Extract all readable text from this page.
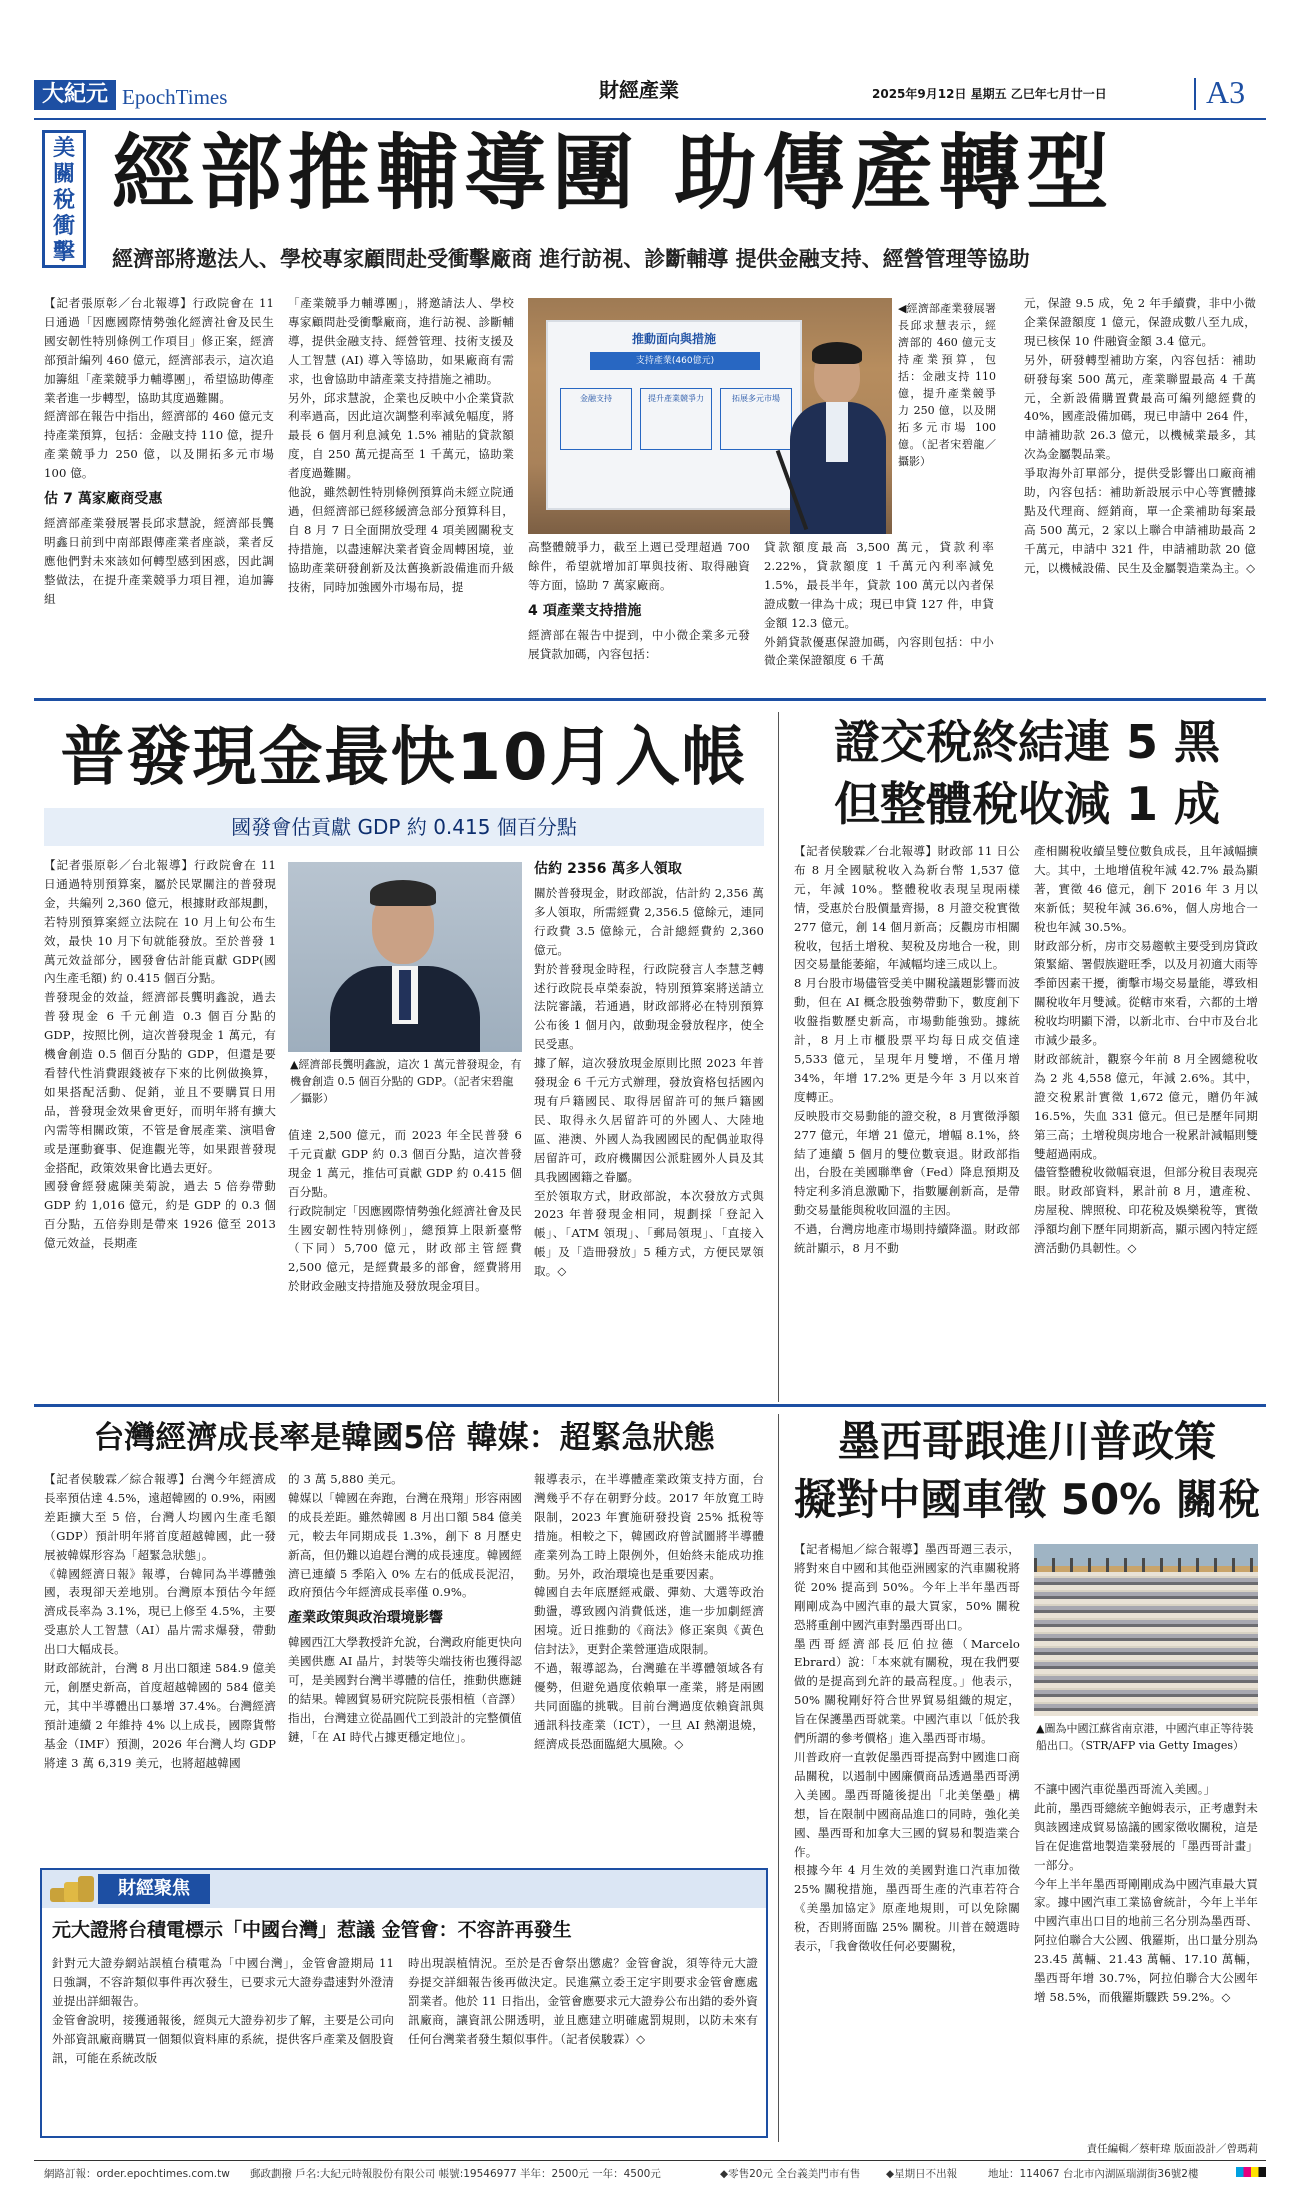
大紀元 EpochTimes	財經產業	2025年9月12日 星期五 乙巳年七月廿一日	A3
美關稅衝擊
經部推輔導團 助傳產轉型
經濟部將邀法人、學校專家顧問赴受衝擊廠商 進行訪視、診斷輔導 提供金融支持、經營管理等協助

【記者張原彰／台北報導】行政院會在 11 日通過「因應國際情勢強化經濟社會及民生國安韌性特別條例工作項目」修正案，經濟部預計編列 460 億元，經濟部表示，這次追加籌組「產業競爭力輔導團」，希望協助傳產業者進一步轉型，協助其度過難關。

經濟部在報告中指出，經濟部的 460 億元支持產業預算，包括：金融支持 110 億，提升產業競爭力 250 億，以及開拓多元市場 100 億。

估 7 萬家廠商受惠

經濟部產業發展署長邱求慧說，經濟部長龔明鑫日前到中南部跟傳產業者座談，業者反應他們對未來該如何轉型感到困惑，因此調整做法，在提升產業競爭力項目裡，追加籌組

「產業競爭力輔導團」，將邀請法人、學校專家顧問赴受衝擊廠商，進行訪視、診斷輔導，提供金融支持、經營管理、技術支援及人工智慧 (AI) 導入等協助，如果廠商有需求，也會協助申請產業支持措施之補助。

另外，邱求慧說，企業也反映中小企業貸款利率過高，因此這次調整利率減免幅度，將最長 6 個月利息減免 1.5% 補貼的貸款額度，自 250 萬元提高至 1 千萬元，協助業者度過難關。

他說，雖然韌性特別條例預算尚未經立院通過，但經濟部已經移緩濟急部分預算科目，自 8 月 7 日全面開放受理 4 項美國關稅支持措施，以盡速解決業者資金周轉困境，並協助產業研發創新及汰舊換新設備進而升級技術，同時加強國外市場布局，提

推動面向與措施
支持產業(460億元)
金融支持	提升產業競爭力	拓展多元市場
◀經濟部產業發展署長邱求慧表示，經濟部的 460 億元支持產業預算，包括：金融支持 110 億，提升產業競爭力 250 億，以及開拓多元市場 100 億。（記者宋碧龍／攝影）

高整體競爭力，截至上週已受理超過 700 餘件，希望就增加訂單與技術、取得融資等方面，協助 7 萬家廠商。

4 項產業支持措施

經濟部在報告中提到，中小微企業多元發展貸款加碼，內容包括：

貸款額度最高 3,500 萬元，貸款利率 2.22%，貸款額度 1 千萬元內利率減免 1.5%，最長半年，貸款 100 萬元以內者保證成數一律為十成；現已申貸 127 件，申貸金額 12.3 億元。

外銷貸款優惠保證加碼，內容則包括：中小微企業保證額度 6 千萬

元，保證 9.5 成，免 2 年手續費，非中小微企業保證額度 1 億元，保證成數八至九成，現已核保 10 件融資金額 3.4 億元。

另外，研發轉型補助方案，內容包括：補助研發每案 500 萬元，產業聯盟最高 4 千萬元，全新設備購置費最高可編列總經費的 40%，國產設備加碼，現已申請中 264 件，申請補助款 26.3 億元，以機械業最多，其次為金屬製品業。

爭取海外訂單部分，提供受影響出口廠商補助，內容包括：補助新設展示中心等實體據點及代理商、經銷商，單一企業補助每案最高 500 萬元，2 家以上聯合申請補助最高 2 千萬元，申請中 321 件，申請補助款 20 億元，以機械設備、民生及金屬製造業為主。◇

普發現金最快10月入帳
國發會估貢獻 GDP 約 0.415 個百分點

【記者張原彰／台北報導】行政院會在 11 日通過特別預算案，屬於民眾關注的普發現金，共編列 2,360 億元，根據財政部規劃，若特別預算案經立法院在 10 月上旬公布生效，最快 10 月下旬就能發放。至於普發 1 萬元效益部分，國發會估計能貢獻 GDP(國內生產毛額) 約 0.415 個百分點。

普發現金的效益，經濟部長龔明鑫說，過去普發現金 6 千元創造 0.3 個百分點的 GDP，按照比例，這次普發現金 1 萬元，有機會創造 0.5 個百分點的 GDP，但還是要看替代性消費跟錢被存下來的比例做換算，如果搭配活動、促銷，並且不要購買日用品，普發現金效果會更好，而明年將有擴大內需等相關政策，不管是會展產業、演唱會或是運動賽事、促進觀光等，如果跟普發現金搭配，政策效果會比過去更好。

國發會經發處陳美菊說，過去 5 倍券帶動 GDP 約 1,016 億元，約是 GDP 的 0.3 個百分點，五倍券則是帶來 1926 億至 2013 億元效益，長期產

▲經濟部長龔明鑫說，這次 1 萬元普發現金，有機會創造 0.5 個百分點的 GDP。（記者宋碧龍／攝影）

值達 2,500 億元，而 2023 年全民普發 6 千元貢獻 GDP 約 0.3 個百分點，這次普發現金 1 萬元，推估可貢獻 GDP 約 0.415 個百分點。

行政院制定「因應國際情勢強化經濟社會及民生國安韌性特別條例」，總預算上限新臺幣（下同）5,700 億元，財政部主管經費 2,500 億元，是經費最多的部會，經費將用於財政金融支持措施及發放現金項目。

估約 2356 萬多人領取

關於普發現金，財政部說，估計約 2,356 萬多人領取，所需經費 2,356.5 億餘元，連同行政費 3.5 億餘元，合計總經費約 2,360 億元。

對於普發現金時程，行政院發言人李慧芝轉述行政院長卓榮泰說，特別預算案將送請立法院審議，若通過，財政部將必在特別預算公布後 1 個月內，啟動現金發放程序，使全民受惠。

據了解，這次發放現金原則比照 2023 年普發現金 6 千元方式辦理，發放資格包括國內現有戶籍國民、取得居留許可的無戶籍國民、取得永久居留許可的外國人、大陸地區、港澳、外國人為我國國民的配偶並取得居留許可，政府機關因公派駐國外人員及其具我國國籍之眷屬。

至於領取方式，財政部說，本次發放方式與 2023 年普發現金相同，規劃採「登記入帳」、「ATM 領現」、「郵局領現」、「直接入帳」及「造冊發放」5 種方式，方便民眾領取。◇

證交稅終結連 5 黑
但整體稅收減 1 成

【記者侯駿霖／台北報導】財政部 11 日公布 8 月全國賦稅收入為新台幣 1,537 億元，年減 10%。整體稅收表現呈現兩樣情，受惠於台股價量齊揚，8 月證交稅實徵 277 億元，創 14 個月新高；反觀房市相關稅收，包括土增稅、契稅及房地合一稅，則因交易量能萎縮，年減幅均達三成以上。

8 月台股市場儘管受美中關稅議題影響而波動，但在 AI 概念股強勢帶動下，數度創下收盤指數歷史新高，市場動能強勁。據統計，8 月上市櫃股票平均每日成交值達 5,533 億元，呈現年月雙增，不僅月增 34%，年增 17.2% 更是今年 3 月以來首度轉正。

反映股市交易動能的證交稅，8 月實徵淨額 277 億元，年增 21 億元，增幅 8.1%，終結了連續 5 個月的雙位數衰退。財政部指出，台股在美國聯準會（Fed）降息預期及特定利多消息激勵下，指數屢創新高，是帶動交易量能與稅收回溫的主因。

不過，台灣房地產市場則持續降溫。財政部統計顯示，8 月不動

產相關稅收續呈雙位數負成長，且年減幅擴大。其中，土地增值稅年減 42.7% 最為顯著，實徵 46 億元，創下 2016 年 3 月以來新低；契稅年減 36.6%，個人房地合一稅也年減 30.5%。

財政部分析，房市交易趨軟主要受到房貸政策緊縮、署假族避旺季，以及月初適大雨等季節因素干擾，衝擊市場交易量能，導致相關稅收年月雙減。從轄市來看，六都的土增稅收均明顯下滑，以新北市、台中市及台北市減少最多。

財政部統計，觀察今年前 8 月全國總稅收為 2 兆 4,558 億元，年減 2.6%。其中，證交稅累計實徵 1,672 億元，贈仍年減 16.5%，失血 331 億元。但已是歷年同期第三高；土增稅與房地合一稅累計減幅則雙雙超過兩成。

儘管整體稅收微幅衰退，但部分稅目表現亮眼。財政部資料，累計前 8 月，遺產稅、房屋稅、牌照稅、印花稅及娛樂稅等，實徵淨額均創下歷年同期新高，顯示國內特定經濟活動仍具韌性。◇

台灣經濟成長率是韓國5倍 韓媒：超緊急狀態

【記者侯駿霖／綜合報導】台灣今年經濟成長率預估達 4.5%，遠超韓國的 0.9%，兩國差距擴大至 5 倍，台灣人均國內生產毛額（GDP）預計明年將首度超越韓國，此一發展被韓媒形容為「超緊急狀態」。

《韓國經濟日報》報導，台韓同為半導體強國，表現卻天差地別。台灣原本預估今年經濟成長率為 3.1%，現已上修至 4.5%，主要受惠於人工智慧（AI）晶片需求爆發，帶動出口大幅成長。

財政部統計，台灣 8 月出口額達 584.9 億美元，創歷史新高，首度超越韓國的 584 億美元，其中半導體出口暴增 37.4%。台灣經濟預計連續 2 年維持 4% 以上成長，國際貨幣基金（IMF）預測，2026 年台灣人均 GDP 將達 3 萬 6,319 美元，也將超越韓國

的 3 萬 5,880 美元。

韓媒以「韓國在奔跑，台灣在飛翔」形容兩國的成長差距。雖然韓國 8 月出口額 584 億美元，較去年同期成長 1.3%，創下 8 月歷史新高，但仍難以追趕台灣的成長速度。韓國經濟已連續 5 季陷入 0% 左右的低成長泥沼，政府預估今年經濟成長率僅 0.9%。

產業政策與政治環境影響

韓國西江大學教授許允說，台灣政府能更快向美國供應 AI 晶片，封裝等尖端技術也獲得認可，是美國對台灣半導體的信任，推動供應鏈的結果。韓國貿易研究院院長張相植（音譯）指出，台灣建立從晶圓代工到設計的完整價值鏈，「在 AI 時代占據更穩定地位」。

報導表示，在半導體產業政策支持方面，台灣幾乎不存在朝野分歧。2017 年放寬工時限制，2023 年實施研發投資 25% 抵稅等措施。相較之下，韓國政府曾試圖將半導體產業列為工時上限例外，但始終未能成功推動。另外，政治環境也是重要因素。

韓國自去年底歷經戒嚴、彈劾、大選等政治動盪，導致國內消費低迷，進一步加劇經濟困境。近日推動的《商法》修正案與《黃色信封法》，更對企業營運造成限制。

不過，報導認為，台灣雖在半導體領域各有優勢，但避免過度依賴單一產業，將是兩國共同面臨的挑戰。目前台灣過度依賴資訊與通訊科技產業（ICT），一旦 AI 熱潮退燒，經濟成長恐面臨絕大風險。◇

財經聚焦
元大證將台積電標示「中國台灣」惹議 金管會：不容許再發生

針對元大證券網站誤植台積電為「中國台灣」，金管會證期局 11 日強調，不容許類似事件再次發生，已要求元大證券盡速對外澄清並提出詳細報告。

金管會說明，接獲通報後，經與元大證券初步了解，主要是公司向外部資訊廠商購買一個類似資料庫的系統，提供客戶產業及個股資訊，可能在系統改版

時出現誤植情況。至於是否會祭出懲處？金管會說，須等待元大證券提交詳細報告後再做決定。民進黨立委王定宇則要求金管會應處罰業者。他於 11 日指出，金管會應要求元大證券公布出錯的委外資訊廠商，讓資訊公開透明，並且應建立明確處罰規則，以防未來有任何台灣業者發生類似事件。（記者侯駿霖）◇

墨西哥跟進川普政策
擬對中國車徵 50% 關稅

【記者楊旭／綜合報導】墨西哥週三表示，將對來自中國和其他亞洲國家的汽車關稅將從 20% 提高到 50%。今年上半年墨西哥剛剛成為中國汽車的最大買家，50% 關稅恐將重創中國汽車對墨西哥出口。

墨西哥經濟部長厄伯拉德（Marcelo Ebrard）說：「本來就有關稅，現在我們要做的是提高到允許的最高程度。」他表示，50% 關稅剛好符合世界貿易組織的規定，旨在保護墨西哥就業。中國汽車以「低於我們所謂的參考價格」進入墨西哥市場。

川普政府一直敦促墨西哥提高對中國進口商品關稅，以遏制中國廉價商品透過墨西哥湧入美國。墨西哥隨後提出「北美堡壘」構想，旨在限制中國商品進口的同時，強化美國、墨西哥和加拿大三國的貿易和製造業合作。

根據今年 4 月生效的美國對進口汽車加徵 25% 關稅措施，墨西哥生產的汽車若符合《美墨加協定》原產地規則，可以免除關稅，否則將面臨 25% 關稅。川普在競選時表示，「我會徵收任何必要關稅，

▲圖為中國江蘇省南京港，中國汽車正等待裝船出口。（STR/AFP via Getty Images）

不讓中國汽車從墨西哥流入美國。」

此前，墨西哥總統辛鮑姆表示，正考慮對未與該國達成貿易協議的國家徵收關稅，這是旨在促進當地製造業發展的「墨西哥計畫」一部分。

今年上半年墨西哥剛剛成為中國汽車最大買家。據中國汽車工業協會統計，今年上半年中國汽車出口目的地前三名分別為墨西哥、阿拉伯聯合大公國、俄羅斯，出口量分別為 23.45 萬輛、21.43 萬輛、17.10 萬輛，墨西哥年增 30.7%，阿拉伯聯合大公國年增 58.5%，而俄羅斯驟跌 59.2%。◇

責任編輯／蔡軒瑋 版面設計／曾瑪莉
網路訂報：order.epochtimes.com.tw 郵政劃撥 戶名:大紀元時報股份有限公司 帳號:19546977 半年：2500元 一年：4500元	◆零售20元 全台義美門市有售 ◆星期日不出報	地址：114067 台北市內湖區瑞湖街36號2樓
